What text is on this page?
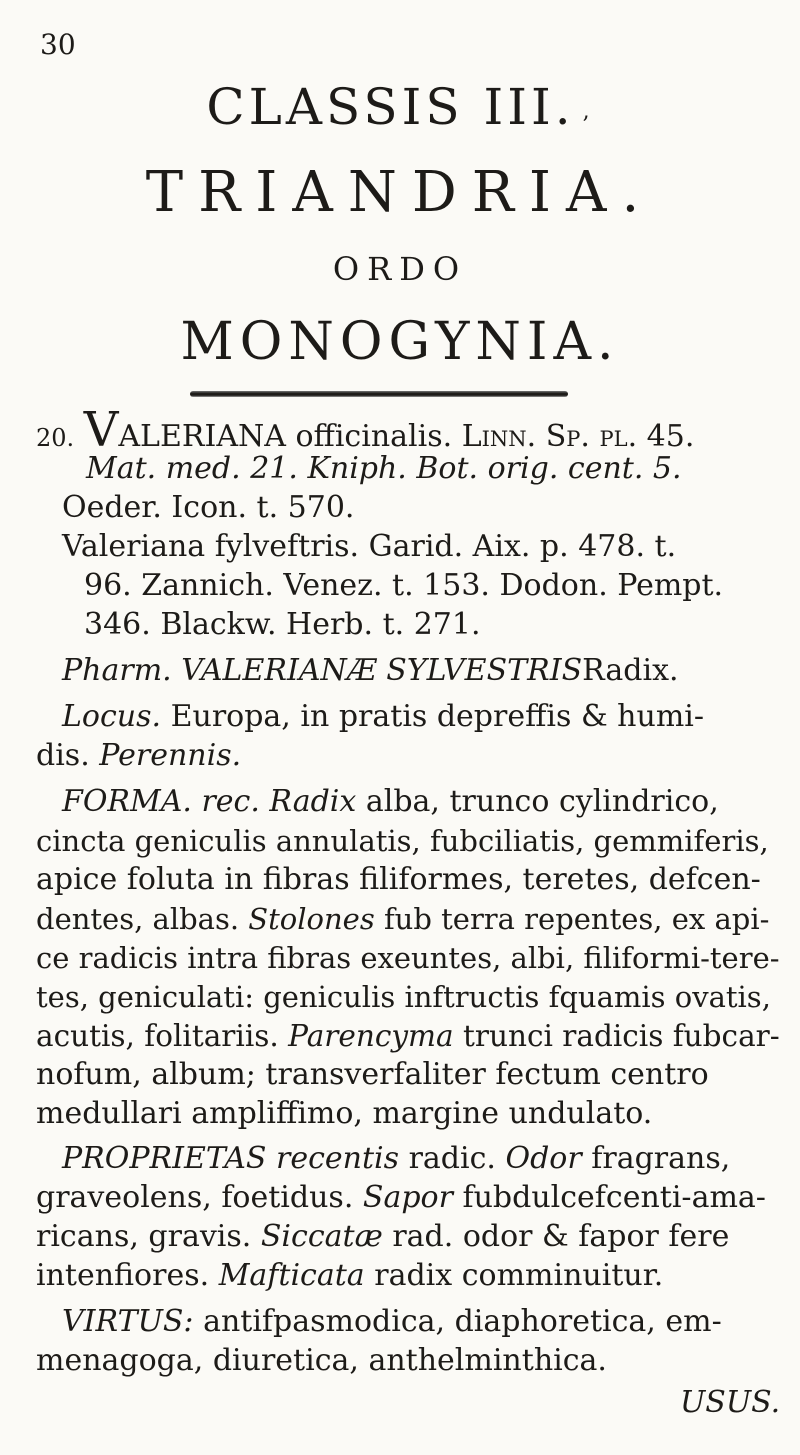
30
CLASSIS III. ,
TRIANDRIA.
ORDO
MONOGYNIA.
20. VALERIANA officinalis. Linn. Sp. pl. 45.
Mat. med. 21. Kniph. Bot. orig. cent. 5.
Oeder. Icon. t. 570.
Valeriana fylveftris. Garid. Aix. p. 478. t.
96. Zannich. Venez. t. 153. Dodon. Pempt.
346. Blackw. Herb. t. 271.
Pharm. VALERIANÆ SYLVESTRISRadix.
Locus. Europa, in pratis depreffis & humi-
dis. Perennis.
FORMA. rec. Radix alba, trunco cylindrico,
cincta geniculis annulatis, fubciliatis, gemmiferis,
apice foluta in fibras filiformes, teretes, defcen-
dentes, albas. Stolones fub terra repentes, ex api-
ce radicis intra fibras exeuntes, albi, filiformi-tere-
tes, geniculati: geniculis inftructis fquamis ovatis,
acutis, folitariis. Parencyma trunci radicis fubcar-
nofum, album; transverfaliter fectum centro
medullari ampliffimo, margine undulato.
PROPRIETAS recentis radic. Odor fragrans,
graveolens, foetidus. Sapor fubdulcefcenti-ama-
ricans, gravis. Siccatæ rad. odor & fapor fere
intenfiores. Mafticata radix comminuitur.
VIRTUS: antifpasmodica, diaphoretica, em-
menagoga, diuretica, anthelminthica.
USUS.
